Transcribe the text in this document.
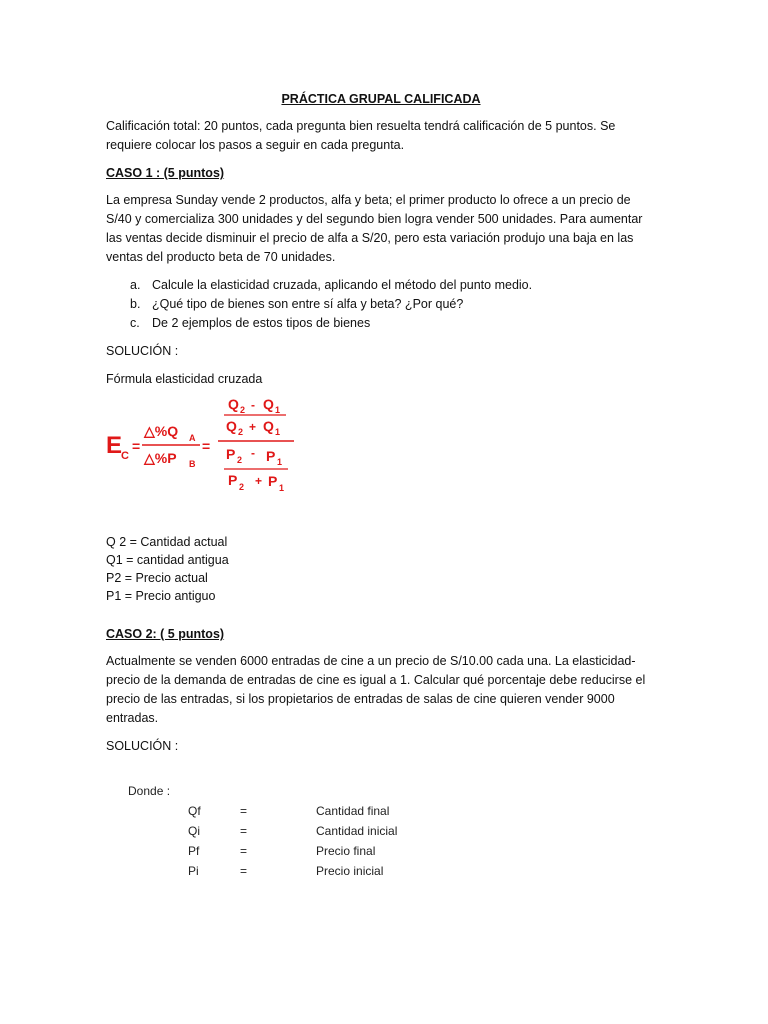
PRÁCTICA GRUPAL CALIFICADA

Calificación total: 20 puntos, cada pregunta bien resuelta tendrá calificación de 5 puntos. Se requiere colocar los pasos a seguir en cada pregunta.

CASO 1 : (5 puntos)

La empresa Sunday vende 2 productos, alfa y beta; el primer producto lo ofrece a un precio de S/40 y comercializa 300 unidades y del segundo bien logra vender 500 unidades. Para aumentar las ventas decide disminuir el precio de alfa a S/20, pero esta variación produjo una baja en las ventas del producto beta de 70 unidades.

a. Calcule la elasticidad cruzada, aplicando el método del punto medio.
b. ¿Qué tipo de bienes son entre sí alfa y beta? ¿Por qué?
c. De 2 ejemplos de estos tipos de bienes

SOLUCIÓN :

Fórmula elasticidad cruzada

E
C
=
△%Q A
△%P B
=
Q 2 - Q 1
Q 2 + Q 1
P 2 - P 1
P 2 + P 1

Q 2 = Cantidad actual

Q1 = cantidad antigua

P2 = Precio actual

P1 = Precio antiguo

CASO 2: ( 5 puntos)

Actualmente se venden 6000 entradas de cine a un precio de S/10.00 cada una. La elasticidad-precio de la demanda de entradas de cine es igual a 1. Calcular qué porcentaje debe reducirse el precio de las entradas, si los propietarios de entradas de salas de cine quieren vender 9000 entradas.

SOLUCIÓN :

Donde :
Qf	=	Cantidad final
Qi	=	Cantidad inicial
Pf	=	Precio final
Pi	=	Precio inicial
